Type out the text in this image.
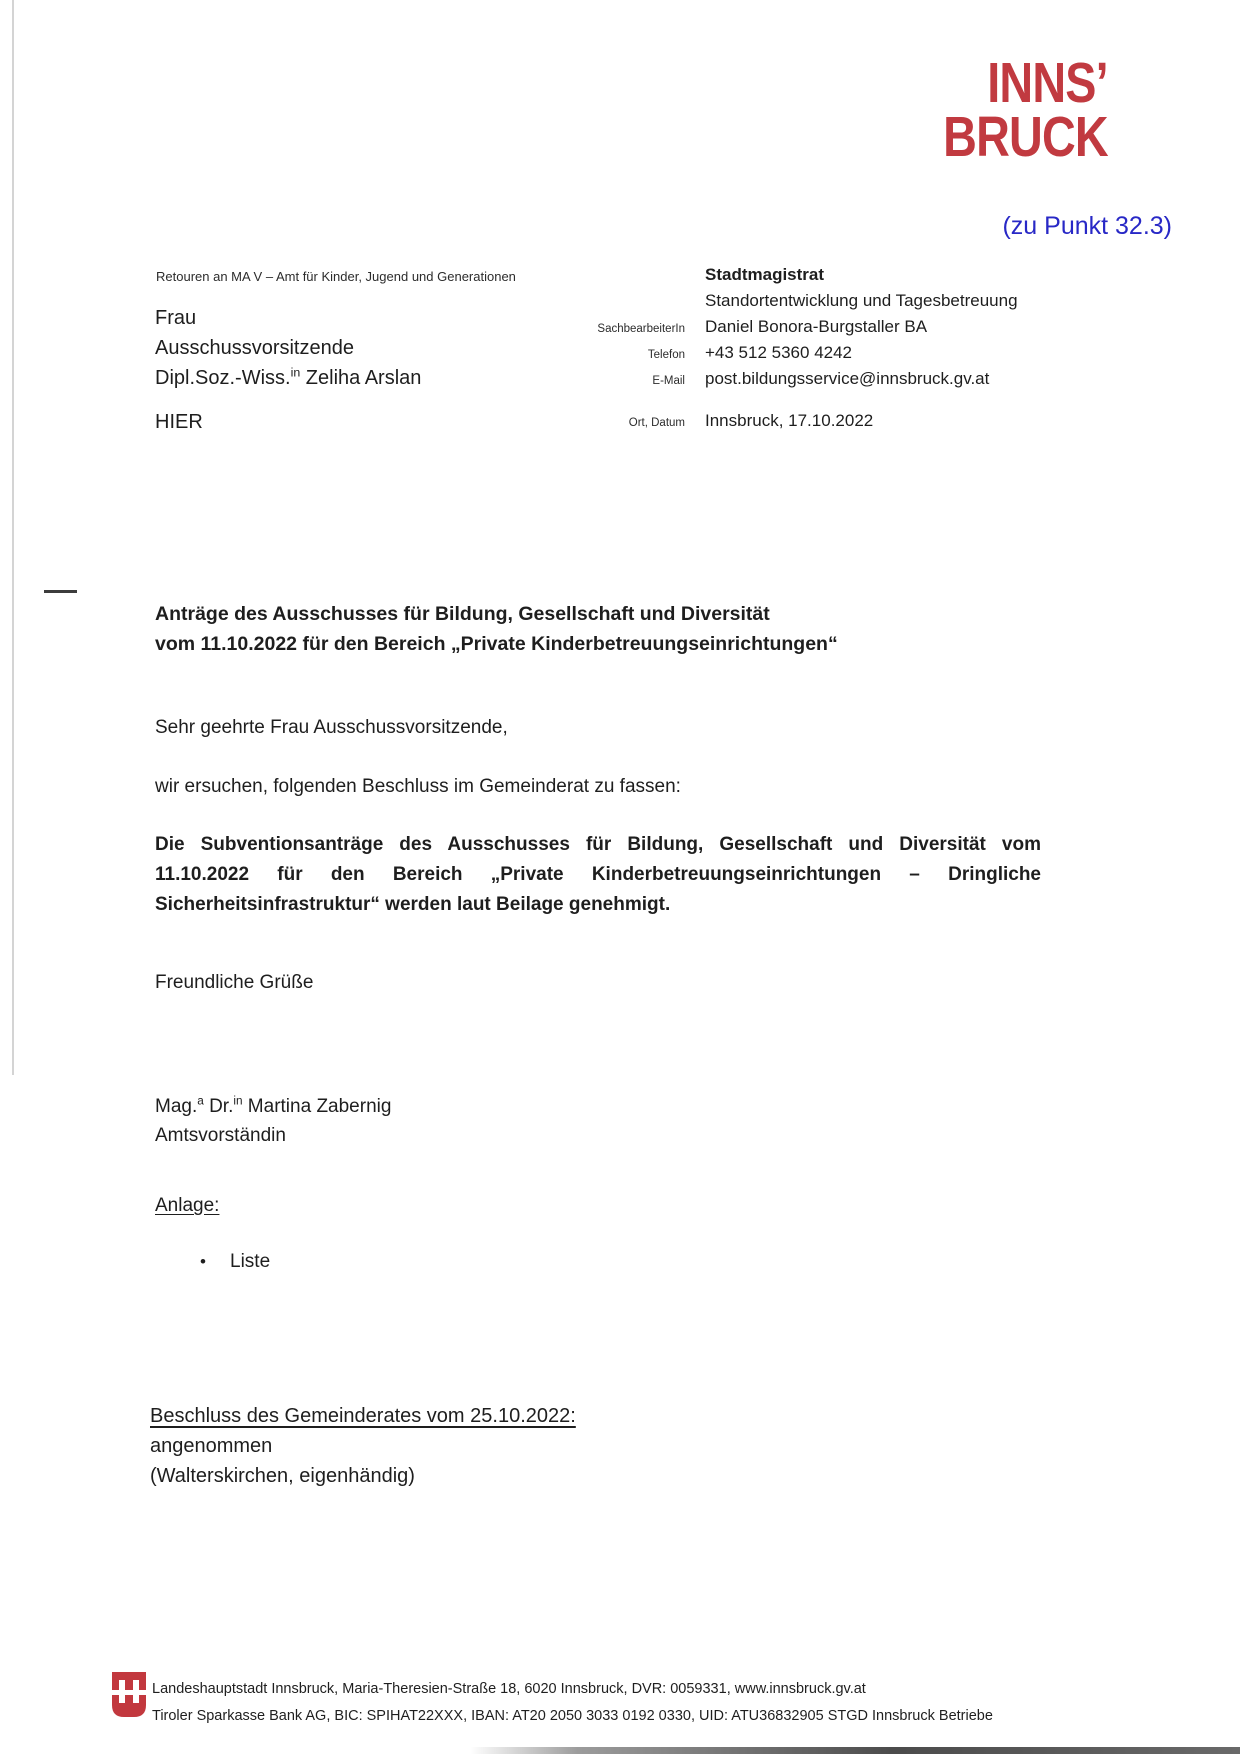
INNS’
BRUCK
(zu Punkt 32.3)
Retouren an MA V – Amt für Kinder, Jugend und Generationen
Frau
Ausschussvorsitzende
Dipl.Soz.-Wiss.$^{in}$ Zeliha Arslan
HIER
Stadtmagistrat
Standortentwicklung und Tagesbetreuung
SachbearbeiterIn Daniel Bonora-Burgstaller BA
Telefon +43 512 5360 4242
E-Mail post.bildungsservice@innsbruck.gv.at
Ort, Datum Innsbruck, 17.10.2022
Anträge des Ausschusses für Bildung, Gesellschaft und Diversität
vom 11.10.2022 für den Bereich „Private Kinderbetreuungseinrichtungen“
Sehr geehrte Frau Ausschussvorsitzende,
wir ersuchen, folgenden Beschluss im Gemeinderat zu fassen:
Die Subventionsanträge des Ausschusses für Bildung, Gesellschaft und Diversität vom 11.10.2022 für den Bereich „Private Kinderbetreuungseinrichtungen – Dringliche Sicherheitsinfrastruktur“ werden laut Beilage genehmigt.
Freundliche Grüße
Mag.$^a$ Dr.$^{in}$ Martina Zabernig
Amtsvorständin
Anlage:
• Liste
Beschluss des Gemeinderates vom 25.10.2022:
angenommen
(Walterskirchen, eigenhändig)
Landeshauptstadt Innsbruck, Maria-Theresien-Straße 18, 6020 Innsbruck, DVR: 0059331, www.innsbruck.gv.at
Tiroler Sparkasse Bank AG, BIC: SPIHAT22XXX, IBAN: AT20 2050 3033 0192 0330, UID: ATU36832905 STGD Innsbruck Betriebe
